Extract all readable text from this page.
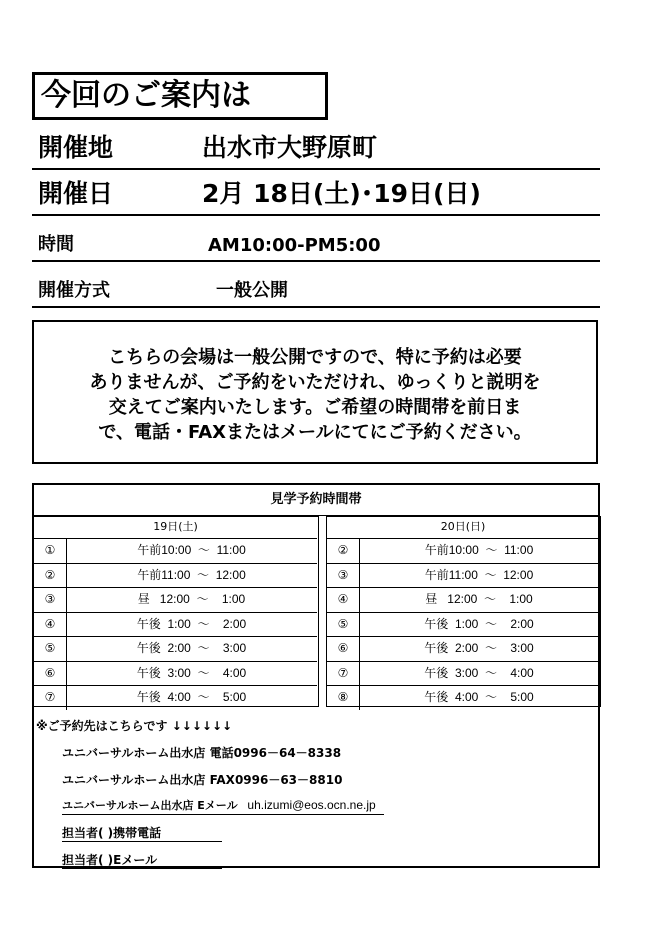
今回のご案内は
開催地	出水市大野原町
開催日	2月 18日(土)･19日(日)
時間	AM10:00-PM5:00
開催方式	一般公開
こちらの会場は一般公開ですので、特に予約は必要
ありませんが、ご予約をいただけれ、ゆっくりと説明を
交えてご案内いたします。ご希望の時間帯を前日ま
で、電話・FAXまたはメールにてにご予約ください。
見学予約時間帯
19日(土)
①	午前10:00  ～  11:00
②	午前11:00  ～  12:00
③	昼   12:00  ～    1:00
④	午後  1:00  ～    2:00
⑤	午後  2:00  ～    3:00
⑥	午後  3:00  ～    4:00
⑦	午後  4:00  ～    5:00
20日(日)
②	午前10:00  ～  11:00
③	午前11:00  ～  12:00
④	昼   12:00  ～    1:00
⑤	午後  1:00  ～    2:00
⑥	午後  2:00  ～    3:00
⑦	午後  3:00  ～    4:00
⑧	午後  4:00  ～    5:00
※ご予約先はこちらです ↓↓↓↓↓↓
ユニバーサルホーム出水店 電話0996－64－8338
ユニバーサルホーム出水店 FAX0996－63－8810
ユニバーサルホーム出水店 Eメール uh.izumi@eos.ocn.ne.jp
担当者( )携帯電話
担当者( )Eメール
